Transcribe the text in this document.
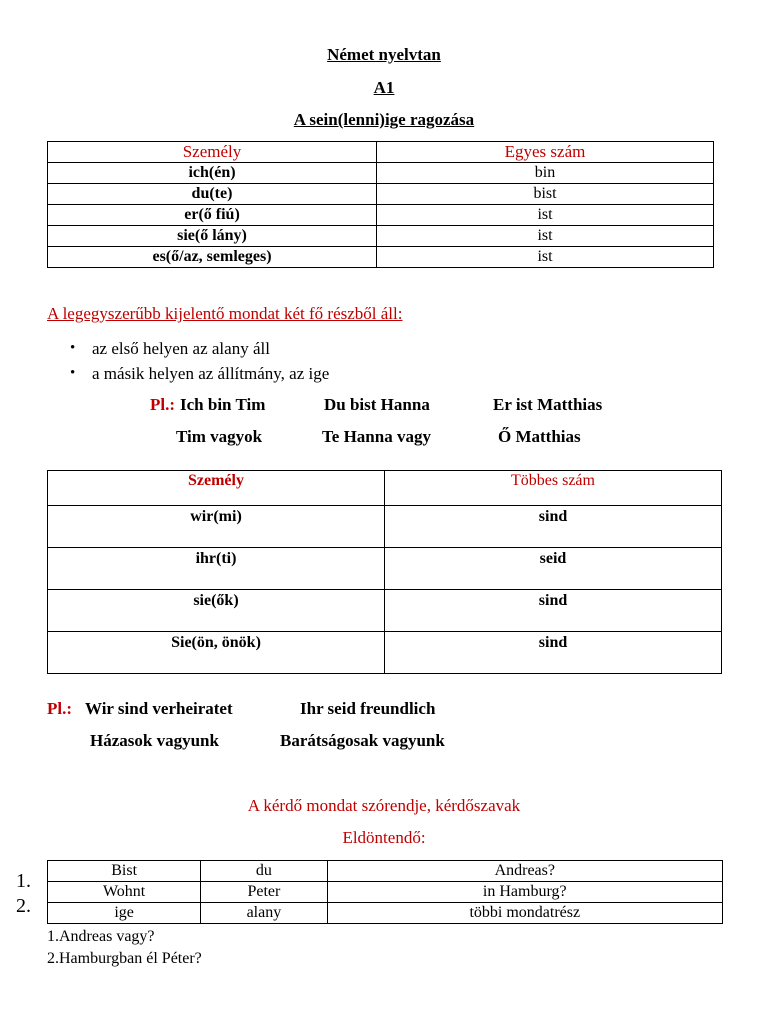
Német nyelvtan
A1
A sein(lenni)ige ragozása
Személy	Egyes szám
ich(én)	bin
du(te)	bist
er(ő fiú)	ist
sie(ő lány)	ist
es(ő/az, semleges)	ist
A legegyszerűbb kijelentő mondat két fő részből áll:
• az első helyen az alany áll
• a másik helyen az állítmány, az ige
Pl.: Ich bin Tim	Du bist Hanna	Er ist Matthias
Tim vagyok	Te Hanna vagy	Ő Matthias
Személy	Többes szám
wir(mi)	sind
ihr(ti)	seid
sie(ők)	sind
Sie(ön, önök)	sind
Pl.: Wir sind verheiratet	Ihr seid freundlich
Házasok vagyunk	Barátságosak vagyunk
A kérdő mondat szórendje, kérdőszavak
Eldöntendő:
1.
2.
Bist	du	Andreas?
Wohnt	Peter	in Hamburg?
ige	alany	többi mondatrész
1.Andreas vagy?
2.Hamburgban él Péter?
